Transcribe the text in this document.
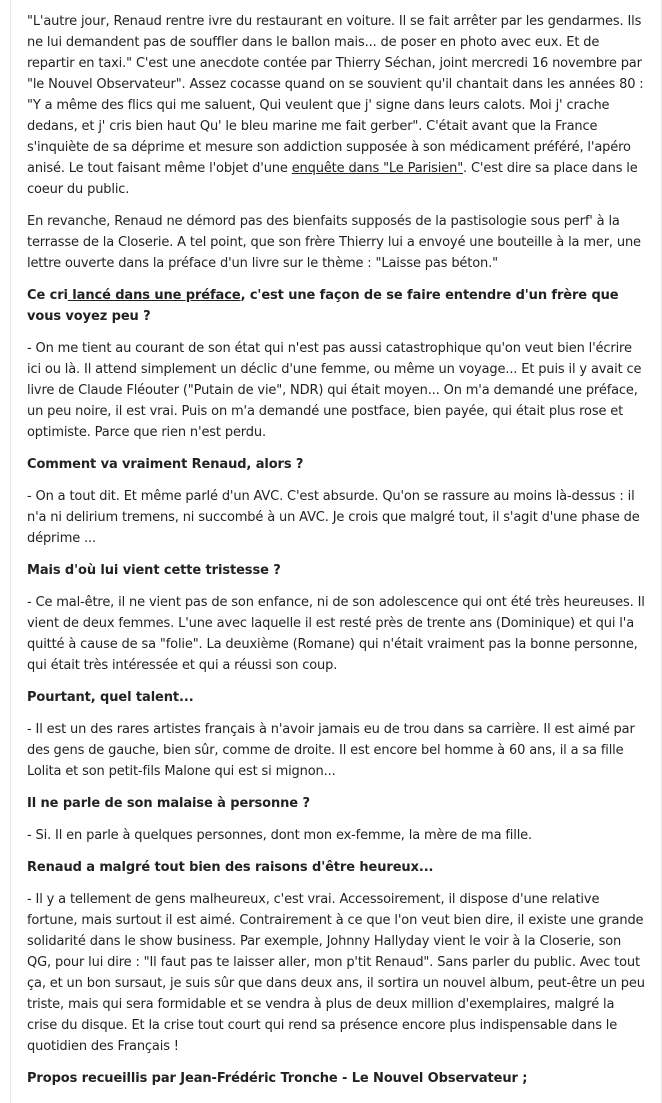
"L'autre jour, Renaud rentre ivre du restaurant en voiture. Il se fait arrêter par les gendarmes. Ils ne lui demandent pas de souffler dans le ballon mais... de poser en photo avec eux. Et de repartir en taxi." C'est une anecdote contée par Thierry Séchan, joint mercredi 16 novembre par "le Nouvel Observateur". Assez cocasse quand on se souvient qu'il chantait dans les années 80 : "Y a même des flics qui me saluent, Qui veulent que j' signe dans leurs calots. Moi j' crache dedans, et j' cris bien haut Qu' le bleu marine me fait gerber". C'était avant que la France s'inquiète de sa déprime et mesure son addiction supposée à son médicament préféré, l'apéro anisé. Le tout faisant même l'objet d'une enquête dans "Le Parisien". C'est dire sa place dans le coeur du public.

En revanche, Renaud ne démord pas des bienfaits supposés de la pastisologie sous perf' à la terrasse de la Closerie. A tel point, que son frère Thierry lui a envoyé une bouteille à la mer, une lettre ouverte dans la préface d'un livre sur le thème : "Laisse pas béton."

Ce cri lancé dans une préface, c'est une façon de se faire entendre d'un frère que vous voyez peu ?

- On me tient au courant de son état qui n'est pas aussi catastrophique qu'on veut bien l'écrire ici ou là. Il attend simplement un déclic d'une femme, ou même un voyage... Et puis il y avait ce livre de Claude Fléouter ("Putain de vie", NDR) qui était moyen... On m'a demandé une préface, un peu noire, il est vrai. Puis on m'a demandé une postface, bien payée, qui était plus rose et optimiste. Parce que rien n'est perdu.

Comment va vraiment Renaud, alors ?

- On a tout dit. Et même parlé d'un AVC. C'est absurde. Qu'on se rassure au moins là-dessus : il n'a ni delirium tremens, ni succombé à un AVC. Je crois que malgré tout, il s'agit d'une phase de déprime ...

Mais d'où lui vient cette tristesse ?

- Ce mal-être, il ne vient pas de son enfance, ni de son adolescence qui ont été très heureuses. Il vient de deux femmes. L'une avec laquelle il est resté près de trente ans (Dominique) et qui l'a quitté à cause de sa "folie". La deuxième (Romane) qui n'était vraiment pas la bonne personne, qui était très intéressée et qui a réussi son coup.

Pourtant, quel talent...

- Il est un des rares artistes français à n'avoir jamais eu de trou dans sa carrière. Il est aimé par des gens de gauche, bien sûr, comme de droite. Il est encore bel homme à 60 ans, il a sa fille Lolita et son petit-fils Malone qui est si mignon...

Il ne parle de son malaise à personne ?

- Si. Il en parle à quelques personnes, dont mon ex-femme, la mère de ma fille.

Renaud a malgré tout bien des raisons d'être heureux...

- Il y a tellement de gens malheureux, c'est vrai. Accessoirement, il dispose d'une relative fortune, mais surtout il est aimé. Contrairement à ce que l'on veut bien dire, il existe une grande solidarité dans le show business. Par exemple, Johnny Hallyday vient le voir à la Closerie, son QG, pour lui dire : "Il faut pas te laisser aller, mon p'tit Renaud". Sans parler du public. Avec tout ça, et un bon sursaut, je suis sûr que dans deux ans, il sortira un nouvel album, peut-être un peu triste, mais qui sera formidable et se vendra à plus de deux million d'exemplaires, malgré la crise du disque. Et la crise tout court qui rend sa présence encore plus indispensable dans le quotidien des Français !

Propos recueillis par Jean-Frédéric Tronche - Le Nouvel Observateur ;
